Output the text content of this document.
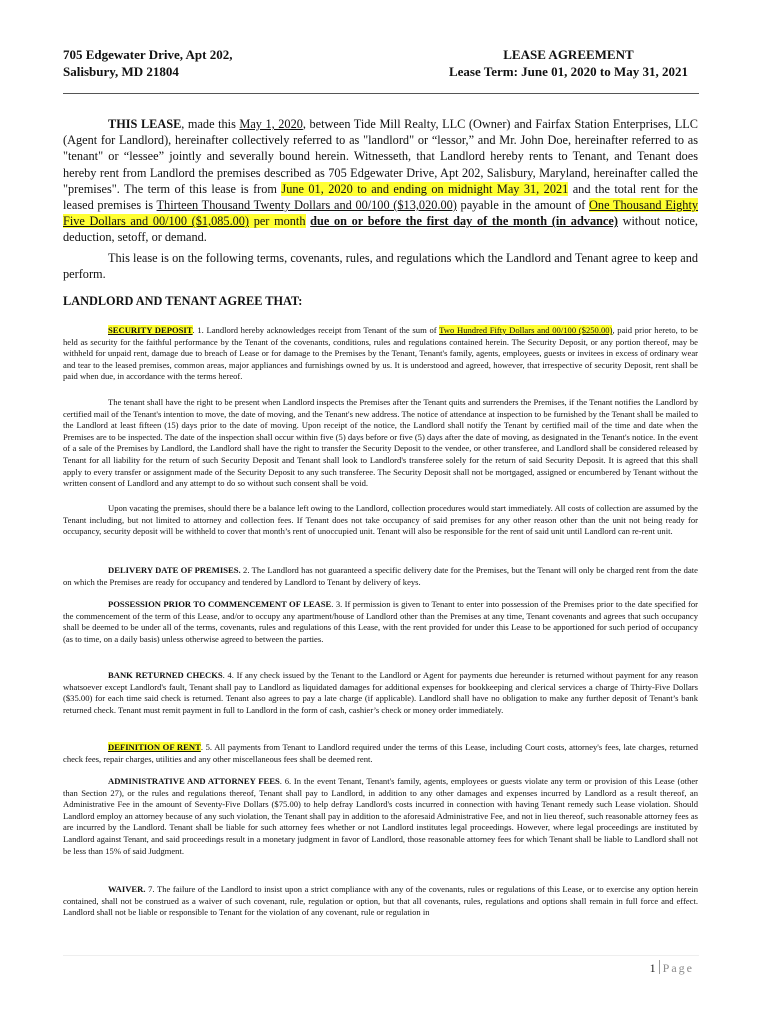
705 Edgewater Drive, Apt 202,
Salisbury, MD 21804
LEASE AGREEMENT
Lease Term: June 01, 2020 to May 31, 2021

THIS LEASE, made this May 1, 2020, between Tide Mill Realty, LLC (Owner) and Fairfax Station Enterprises, LLC (Agent for Landlord), hereinafter collectively referred to as "landlord" or “lessor,” and Mr. John Doe, hereinafter referred to as "tenant" or “lessee” jointly and severally bound herein. Witnesseth, that Landlord hereby rents to Tenant, and Tenant does hereby rent from Landlord the premises described as 705 Edgewater Drive, Apt 202, Salisbury, Maryland, hereinafter called the "premises". The term of this lease is from June 01, 2020 to and ending on midnight May 31, 2021 and the total rent for the leased premises is Thirteen Thousand Twenty Dollars and 00/100 ($13,020.00) payable in the amount of One Thousand Eighty Five Dollars and 00/100 ($1,085.00) per month due on or before the first day of the month (in advance) without notice, deduction, setoff, or demand.

This lease is on the following terms, covenants, rules, and regulations which the Landlord and Tenant agree to keep and perform.

LANDLORD AND TENANT AGREE THAT:

SECURITY DEPOSIT. 1. Landlord hereby acknowledges receipt from Tenant of the sum of Two Hundred Fifty Dollars and 00/100 ($250.00), paid prior hereto, to be held as security for the faithful performance by the Tenant of the covenants, conditions, rules and regulations contained herein. The Security Deposit, or any portion thereof, may be withheld for unpaid rent, damage due to breach of Lease or for damage to the Premises by the Tenant, Tenant's family, agents, employees, guests or invitees in excess of ordinary wear and tear to the leased premises, common areas, major appliances and furnishings owned by us. It is understood and agreed, however, that irrespective of security Deposit, rent shall be paid when due, in accordance with the terms hereof.

The tenant shall have the right to be present when Landlord inspects the Premises after the Tenant quits and surrenders the Premises, if the Tenant notifies the Landlord by certified mail of the Tenant's intention to move, the date of moving, and the Tenant's new address. The notice of attendance at inspection to be furnished by the Tenant shall be mailed to the Landlord at least fifteen (15) days prior to the date of moving. Upon receipt of the notice, the Landlord shall notify the Tenant by certified mail of the time and date when the Premises are to be inspected. The date of the inspection shall occur within five (5) days before or five (5) days after the date of moving, as designated in the Tenant's notice. In the event of a sale of the Premises by Landlord, the Landlord shall have the right to transfer the Security Deposit to the vendee, or other transferee, and Landlord shall be considered released by Tenant for all liability for the return of such Security Deposit and Tenant shall look to Landlord's transferee solely for the return of said Security Deposit. It is agreed that this shall apply to every transfer or assignment made of the Security Deposit to any such transferee. The Security Deposit shall not be mortgaged, assigned or encumbered by Tenant without the written consent of Landlord and any attempt to do so without such consent shall be void.

Upon vacating the premises, should there be a balance left owing to the Landlord, collection procedures would start immediately. All costs of collection are assumed by the Tenant including, but not limited to attorney and collection fees. If Tenant does not take occupancy of said premises for any other reason other than the unit not being ready for occupancy, security deposit will be withheld to cover that month’s rent of unoccupied unit. Tenant will also be responsible for the rent of said unit until Landlord can re-rent unit.

DELIVERY DATE OF PREMISES. 2. The Landlord has not guaranteed a specific delivery date for the Premises, but the Tenant will only be charged rent from the date on which the Premises are ready for occupancy and tendered by Landlord to Tenant by delivery of keys.

POSSESSION PRIOR TO COMMENCEMENT OF LEASE. 3. If permission is given to Tenant to enter into possession of the Premises prior to the date specified for the commencement of the term of this Lease, and/or to occupy any apartment/house of Landlord other than the Premises at any time, Tenant covenants and agrees that such occupancy shall be deemed to be under all of the terms, covenants, rules and regulations of this Lease, with the rent provided for under this Lease to be apportioned for such period of occupancy (as to time, on a daily basis) unless otherwise agreed to between the parties.

BANK RETURNED CHECKS. 4. If any check issued by the Tenant to the Landlord or Agent for payments due hereunder is returned without payment for any reason whatsoever except Landlord's fault, Tenant shall pay to Landlord as liquidated damages for additional expenses for bookkeeping and clerical services a charge of Thirty-Five Dollars ($35.00) for each time said check is returned. Tenant also agrees to pay a late charge (if applicable). Landlord shall have no obligation to make any further deposit of Tenant’s bank returned check. Tenant must remit payment in full to Landlord in the form of cash, cashier’s check or money order immediately.

DEFINITION OF RENT. 5. All payments from Tenant to Landlord required under the terms of this Lease, including Court costs, attorney's fees, late charges, returned check fees, repair charges, utilities and any other miscellaneous fees shall be deemed rent.

ADMINISTRATIVE AND ATTORNEY FEES. 6. In the event Tenant, Tenant's family, agents, employees or guests violate any term or provision of this Lease (other than Section 27), or the rules and regulations thereof, Tenant shall pay to Landlord, in addition to any other damages and expenses incurred by Landlord as a result thereof, an Administrative Fee in the amount of Seventy-Five Dollars ($75.00) to help defray Landlord's costs incurred in connection with having Tenant remedy such Lease violation. Should Landlord employ an attorney because of any such violation, the Tenant shall pay in addition to the aforesaid Administrative Fee, and not in lieu thereof, such reasonable attorney fees as are incurred by the Landlord. Tenant shall be liable for such attorney fees whether or not Landlord institutes legal proceedings. However, where legal proceedings are instituted by Landlord against Tenant, and said proceedings result in a monetary judgment in favor of Landlord, those reasonable attorney fees for which Tenant shall be liable to Landlord shall not be less than 15% of said Judgment.

WAIVER. 7. The failure of the Landlord to insist upon a strict compliance with any of the covenants, rules or regulations of this Lease, or to exercise any option herein contained, shall not be construed as a waiver of such covenant, rule, regulation or option, but that all covenants, rules, regulations and options shall remain in full force and effect. Landlord shall not be liable or responsible to Tenant for the violation of any covenant, rule or regulation in

1 Page
